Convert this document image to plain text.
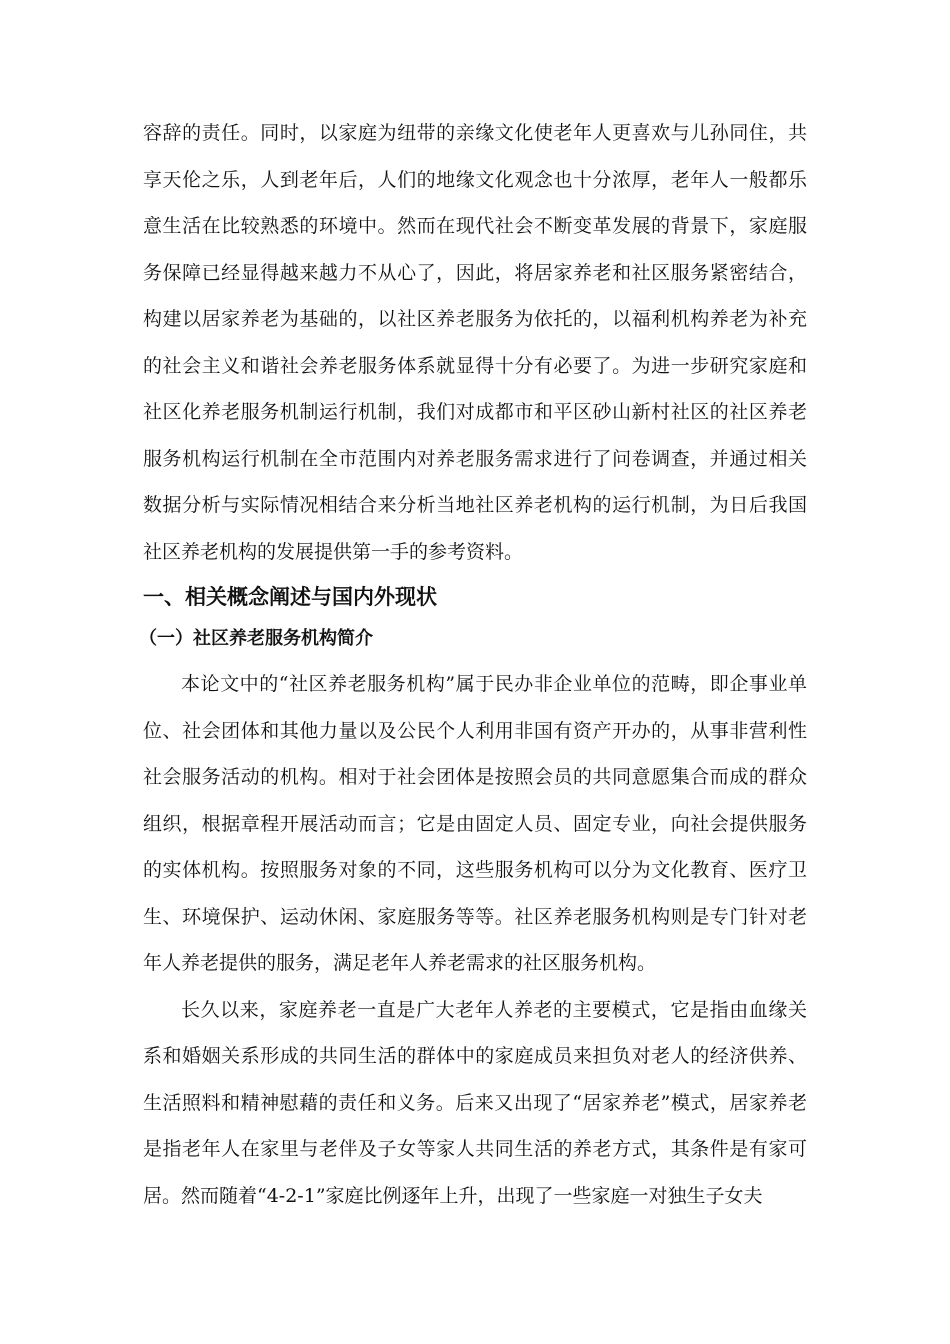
容辞的责任。同时，以家庭为纽带的亲缘文化使老年人更喜欢与儿孙同住，共享天伦之乐，人到老年后，人们的地缘文化观念也十分浓厚，老年人一般都乐意生活在比较熟悉的环境中。然而在现代社会不断变革发展的背景下，家庭服务保障已经显得越来越力不从心了，因此，将居家养老和社区服务紧密结合，构建以居家养老为基础的，以社区养老服务为依托的，以福利机构养老为补充的社会主义和谐社会养老服务体系就显得十分有必要了。为进一步研究家庭和社区化养老服务机制运行机制，我们对成都市和平区砂山新村社区的社区养老服务机构运行机制在全市范围内对养老服务需求进行了问卷调查，并通过相关数据分析与实际情况相结合来分析当地社区养老机构的运行机制，为日后我国社区养老机构的发展提供第一手的参考资料。

一、相关概念阐述与国内外现状
（一）社区养老服务机构简介

本论文中的“社区养老服务机构”属于民办非企业单位的范畴，即企事业单位、社会团体和其他力量以及公民个人利用非国有资产开办的，从事非营利性社会服务活动的机构。相对于社会团体是按照会员的共同意愿集合而成的群众组织，根据章程开展活动而言；它是由固定人员、固定专业，向社会提供服务的实体机构。按照服务对象的不同，这些服务机构可以分为文化教育、医疗卫生、环境保护、运动休闲、家庭服务等等。社区养老服务机构则是专门针对老年人养老提供的服务，满足老年人养老需求的社区服务机构。

长久以来，家庭养老一直是广大老年人养老的主要模式，它是指由血缘关系和婚姻关系形成的共同生活的群体中的家庭成员来担负对老人的经济供养、生活照料和精神慰藉的责任和义务。后来又出现了“居家养老”模式，居家养老是指老年人在家里与老伴及子女等家人共同生活的养老方式，其条件是有家可居。然而随着“4-2-1”家庭比例逐年上升，出现了一些家庭一对独生子女夫
